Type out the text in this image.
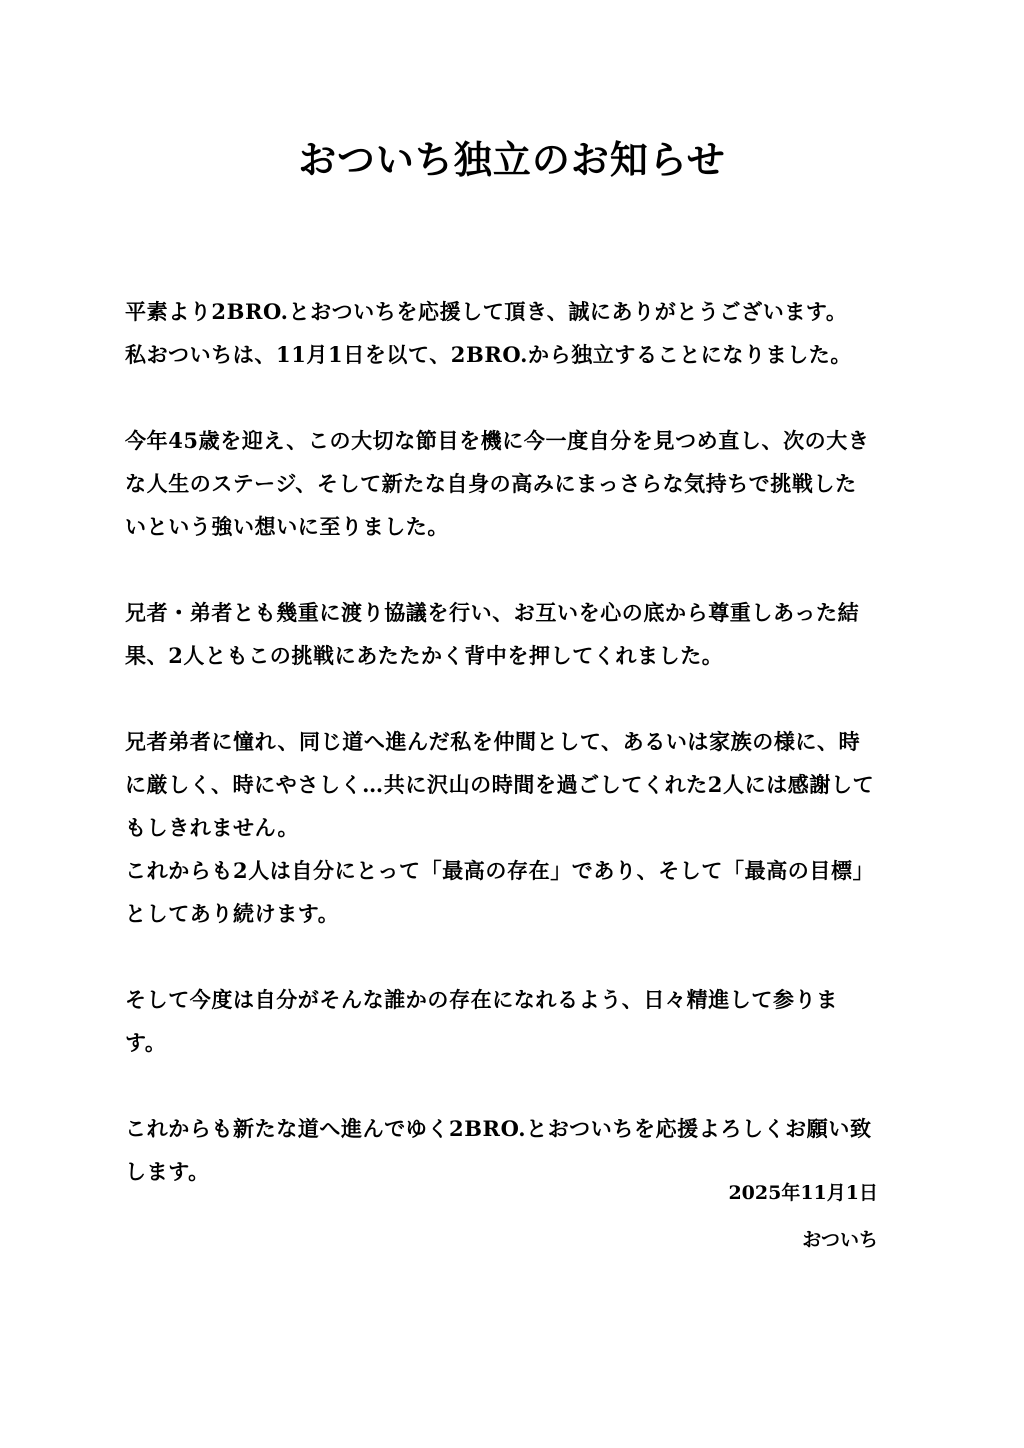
おついち独立のお知らせ
平素より2BRO.とおついちを応援して頂き、誠にありがとうございます。
私おついちは、11月1日を以て、2BRO.から独立することになりました。
今年45歳を迎え、この大切な節目を機に今一度自分を見つめ直し、次の大き
な人生のステージ、そして新たな自身の高みにまっさらな気持ちで挑戦した
いという強い想いに至りました。
兄者・弟者とも幾重に渡り協議を行い、お互いを心の底から尊重しあった結
果、2人ともこの挑戦にあたたかく背中を押してくれました。
兄者弟者に憧れ、同じ道へ進んだ私を仲間として、あるいは家族の様に、時
に厳しく、時にやさしく…共に沢山の時間を過ごしてくれた2人には感謝して
もしきれません。
これからも2人は自分にとって「最高の存在」であり、そして「最高の目標」
としてあり続けます。
そして今度は自分がそんな誰かの存在になれるよう、日々精進して参りま
す。
これからも新たな道へ進んでゆく2BRO.とおついちを応援よろしくお願い致
します。
2025年11月1日
おついち
